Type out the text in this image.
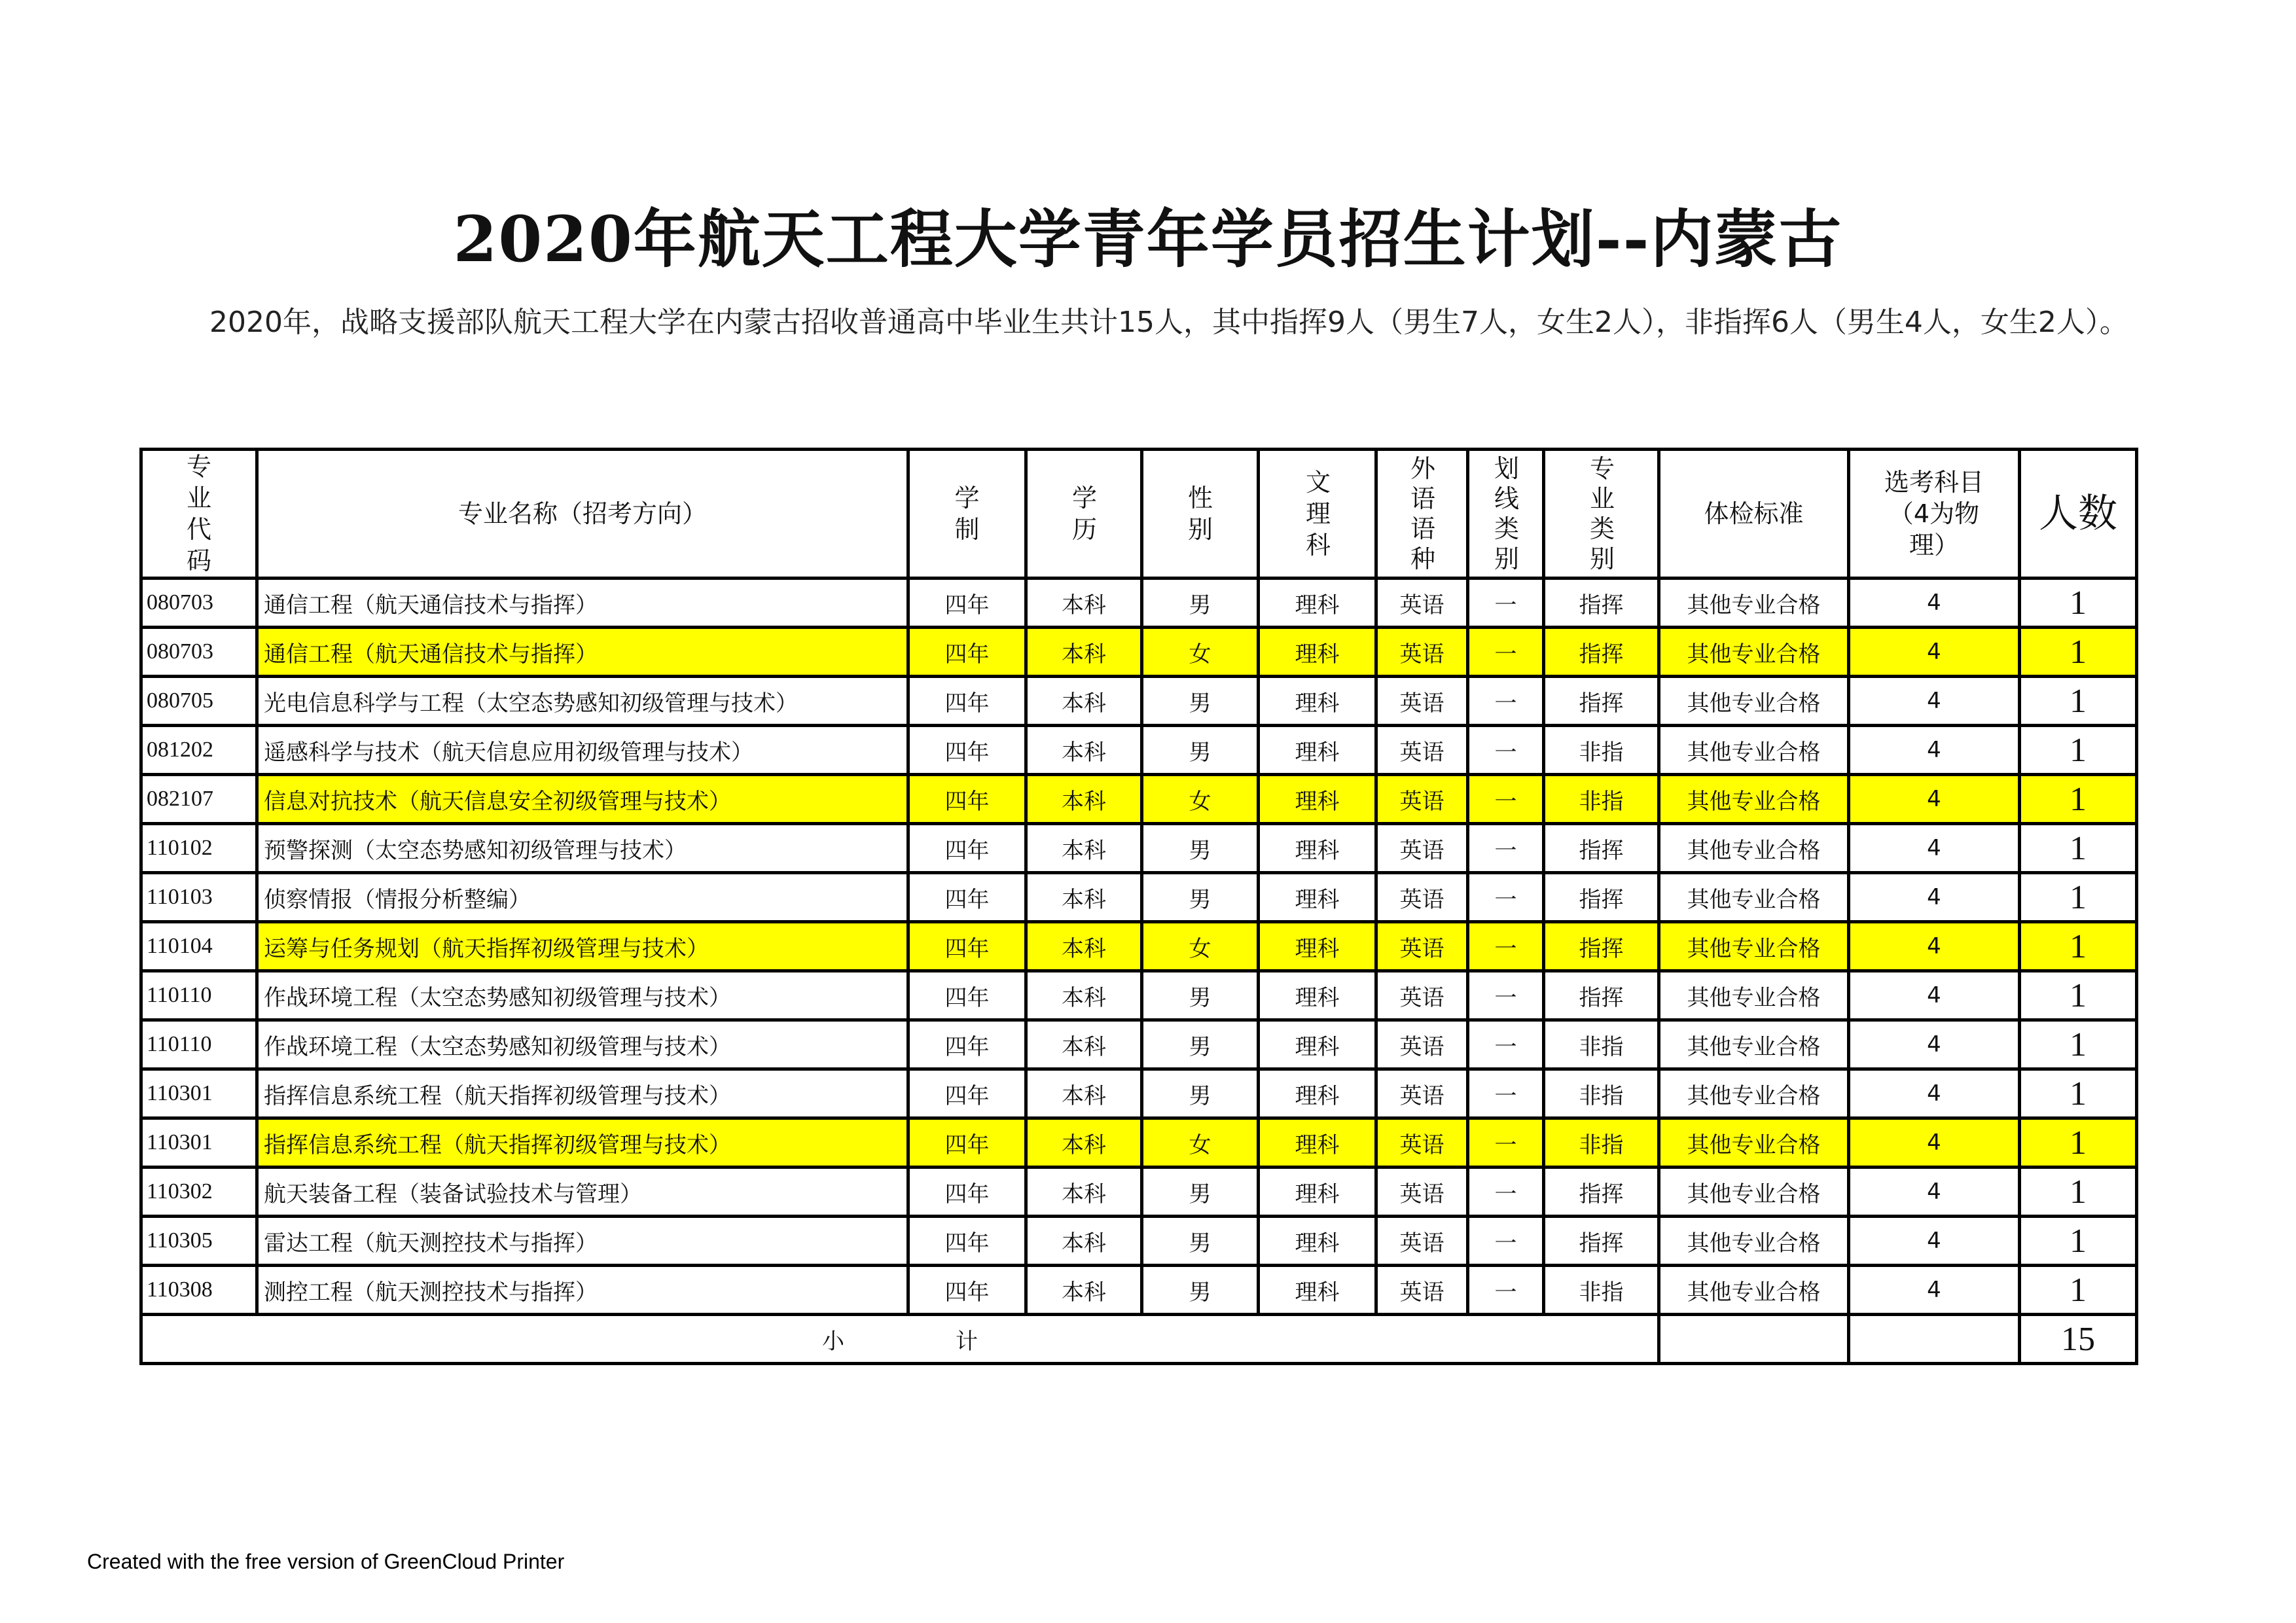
2020年航天工程大学青年学员招生计划--内蒙古
2020年，战略支援部队航天工程大学在内蒙古招收普通高中毕业生共计15人，其中指挥9人（男生7人，女生2人），非指挥6人（男生4人，女生2人）。
专业代码	专业名称（招考方向）	学制	学历	性别	文理科	外语语种	划线类别	专业类别	体检标准	选考科目（4为物理）	人数
080703	通信工程（航天通信技术与指挥）	四年	本科	男	理科	英语	一	指挥	其他专业合格	4	1
080703	通信工程（航天通信技术与指挥）	四年	本科	女	理科	英语	一	指挥	其他专业合格	4	1
080705	光电信息科学与工程（太空态势感知初级管理与技术）	四年	本科	男	理科	英语	一	指挥	其他专业合格	4	1
081202	遥感科学与技术（航天信息应用初级管理与技术）	四年	本科	男	理科	英语	一	非指	其他专业合格	4	1
082107	信息对抗技术（航天信息安全初级管理与技术）	四年	本科	女	理科	英语	一	非指	其他专业合格	4	1
110102	预警探测（太空态势感知初级管理与技术）	四年	本科	男	理科	英语	一	指挥	其他专业合格	4	1
110103	侦察情报（情报分析整编）	四年	本科	男	理科	英语	一	指挥	其他专业合格	4	1
110104	运筹与任务规划（航天指挥初级管理与技术）	四年	本科	女	理科	英语	一	指挥	其他专业合格	4	1
110110	作战环境工程（太空态势感知初级管理与技术）	四年	本科	男	理科	英语	一	指挥	其他专业合格	4	1
110110	作战环境工程（太空态势感知初级管理与技术）	四年	本科	男	理科	英语	一	非指	其他专业合格	4	1
110301	指挥信息系统工程（航天指挥初级管理与技术）	四年	本科	男	理科	英语	一	非指	其他专业合格	4	1
110301	指挥信息系统工程（航天指挥初级管理与技术）	四年	本科	女	理科	英语	一	非指	其他专业合格	4	1
110302	航天装备工程（装备试验技术与管理）	四年	本科	男	理科	英语	一	指挥	其他专业合格	4	1
110305	雷达工程（航天测控技术与指挥）	四年	本科	男	理科	英语	一	指挥	其他专业合格	4	1
110308	测控工程（航天测控技术与指挥）	四年	本科	男	理科	英语	一	非指	其他专业合格	4	1
小　　　　　计											15
Created with the free version of GreenCloud Printer
